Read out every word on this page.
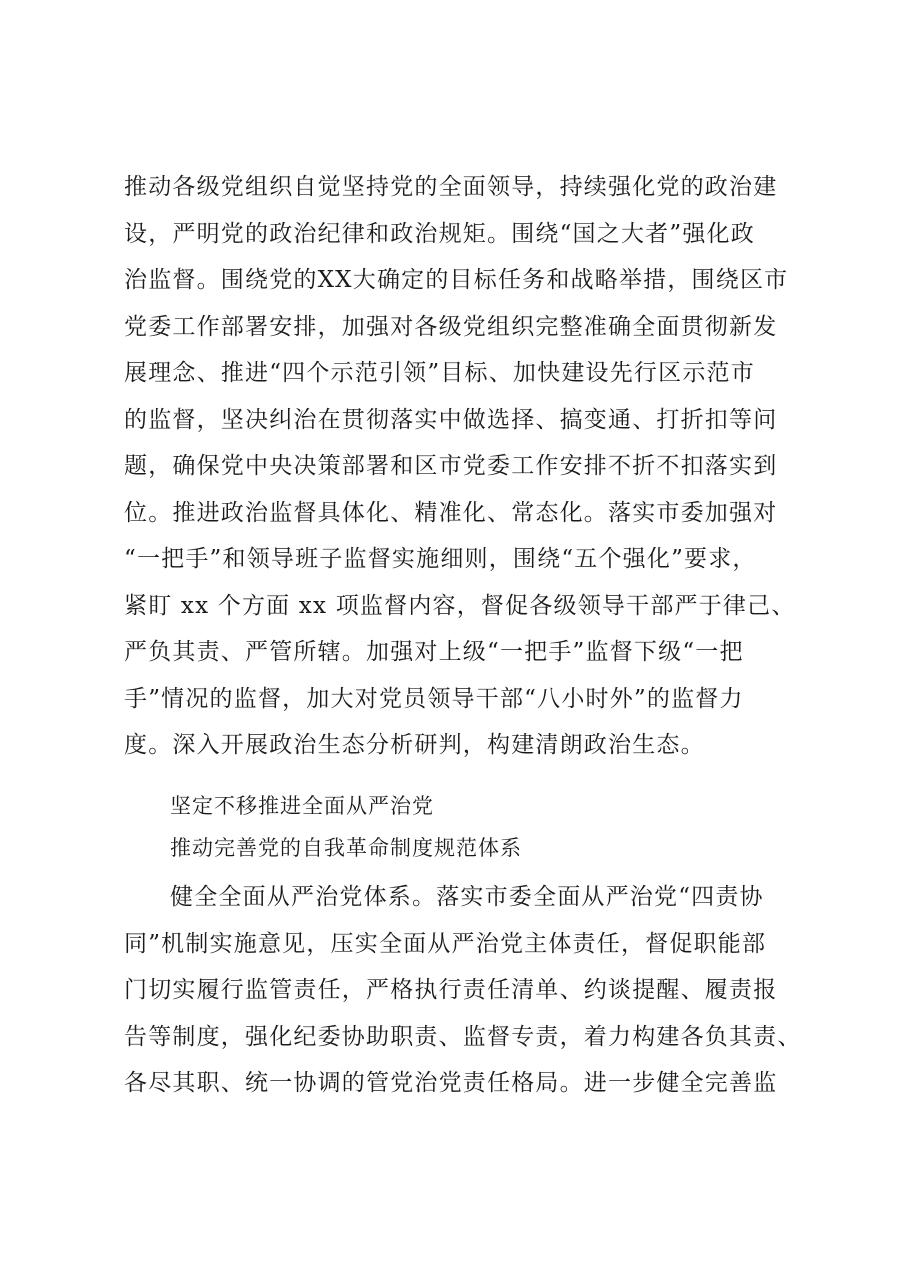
推动各级党组织自觉坚持党的全面领导，持续强化党的政治建
设，严明党的政治纪律和政治规矩。围绕“国之大者”强化政
治监督。围绕党的XX大确定的目标任务和战略举措，围绕区市
党委工作部署安排，加强对各级党组织完整准确全面贯彻新发
展理念、推进“四个示范引领”目标、加快建设先行区示范市
的监督，坚决纠治在贯彻落实中做选择、搞变通、打折扣等问
题，确保党中央决策部署和区市党委工作安排不折不扣落实到
位。推进政治监督具体化、精准化、常态化。落实市委加强对
“一把手”和领导班子监督实施细则，围绕“五个强化”要求，
紧盯 xx 个方面 xx 项监督内容，督促各级领导干部严于律己、
严负其责、严管所辖。加强对上级“一把手”监督下级“一把
手”情况的监督，加大对党员领导干部“八小时外”的监督力
度。深入开展政治生态分析研判，构建清朗政治生态。
坚定不移推进全面从严治党
推动完善党的自我革命制度规范体系
健全全面从严治党体系。落实市委全面从严治党“四责协
同”机制实施意见，压实全面从严治党主体责任，督促职能部
门切实履行监管责任，严格执行责任清单、约谈提醒、履责报
告等制度，强化纪委协助职责、监督专责，着力构建各负其责、
各尽其职、统一协调的管党治党责任格局。进一步健全完善监
